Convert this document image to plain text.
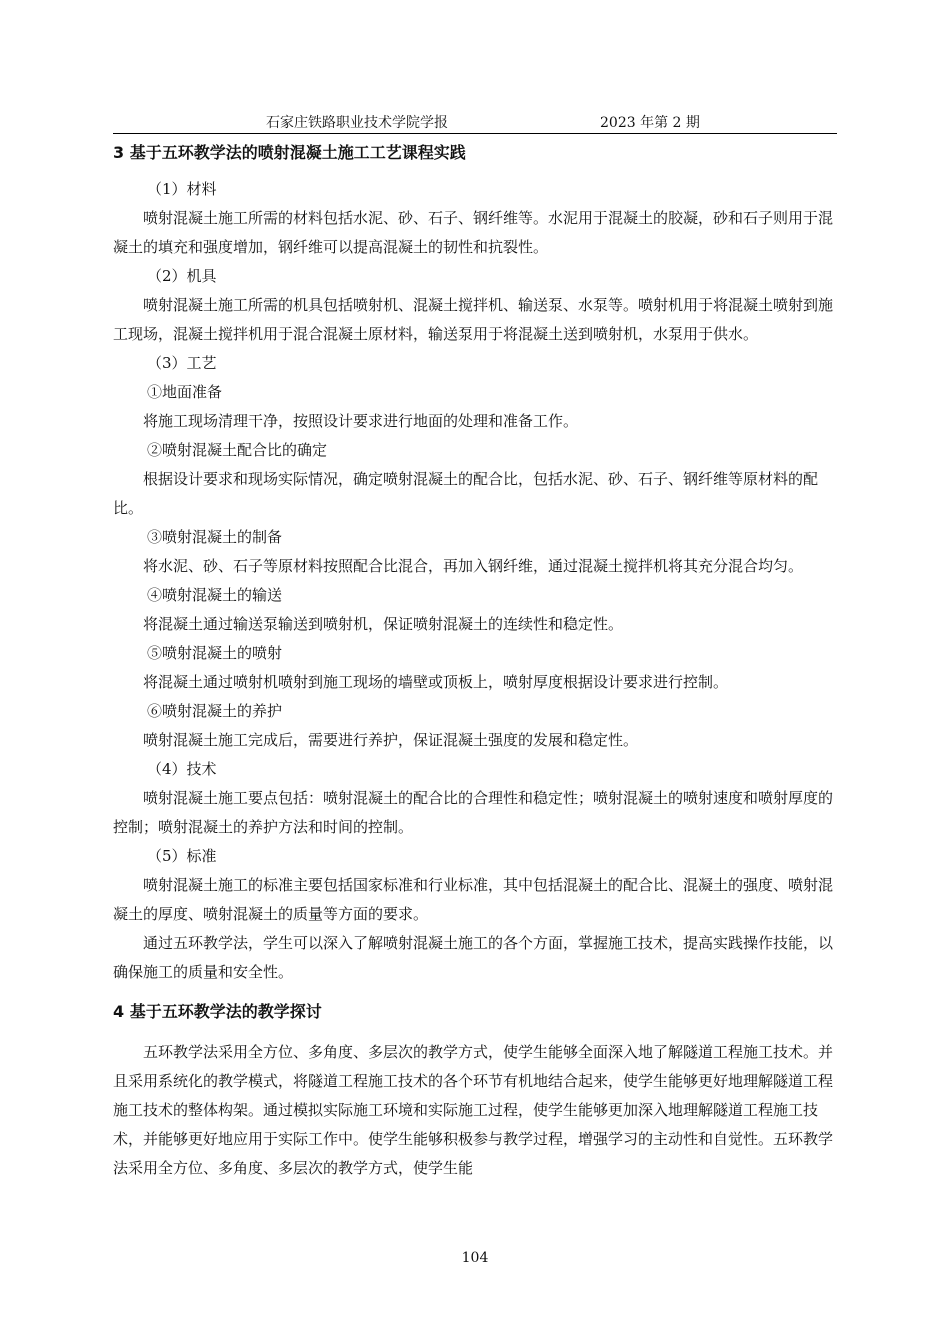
石家庄铁路职业技术学院学报	2023 年第 2 期
3 基于五环教学法的喷射混凝土施工工艺课程实践

（1）材料

喷射混凝土施工所需的材料包括水泥、砂、石子、钢纤维等。水泥用于混凝土的胶凝，砂和石子则用于混凝土的填充和强度增加，钢纤维可以提高混凝土的韧性和抗裂性。

（2）机具

喷射混凝土施工所需的机具包括喷射机、混凝土搅拌机、输送泵、水泵等。喷射机用于将混凝土喷射到施工现场，混凝土搅拌机用于混合混凝土原材料，输送泵用于将混凝土送到喷射机，水泵用于供水。

（3）工艺

①地面准备

将施工现场清理干净，按照设计要求进行地面的处理和准备工作。

②喷射混凝土配合比的确定

根据设计要求和现场实际情况，确定喷射混凝土的配合比，包括水泥、砂、石子、钢纤维等原材料的配比。

③喷射混凝土的制备

将水泥、砂、石子等原材料按照配合比混合，再加入钢纤维，通过混凝土搅拌机将其充分混合均匀。

④喷射混凝土的输送

将混凝土通过输送泵输送到喷射机，保证喷射混凝土的连续性和稳定性。

⑤喷射混凝土的喷射

将混凝土通过喷射机喷射到施工现场的墙壁或顶板上，喷射厚度根据设计要求进行控制。

⑥喷射混凝土的养护

喷射混凝土施工完成后，需要进行养护，保证混凝土强度的发展和稳定性。

（4）技术

喷射混凝土施工要点包括：喷射混凝土的配合比的合理性和稳定性；喷射混凝土的喷射速度和喷射厚度的控制；喷射混凝土的养护方法和时间的控制。

（5）标准

喷射混凝土施工的标准主要包括国家标准和行业标准，其中包括混凝土的配合比、混凝土的强度、喷射混凝土的厚度、喷射混凝土的质量等方面的要求。

通过五环教学法，学生可以深入了解喷射混凝土施工的各个方面，掌握施工技术，提高实践操作技能，以确保施工的质量和安全性。

4 基于五环教学法的教学探讨

五环教学法采用全方位、多角度、多层次的教学方式，使学生能够全面深入地了解隧道工程施工技术。并且采用系统化的教学模式，将隧道工程施工技术的各个环节有机地结合起来，使学生能够更好地理解隧道工程施工技术的整体构架。通过模拟实际施工环境和实际施工过程，使学生能够更加深入地理解隧道工程施工技术，并能够更好地应用于实际工作中。使学生能够积极参与教学过程，增强学习的主动性和自觉性。五环教学法采用全方位、多角度、多层次的教学方式，使学生能

104
